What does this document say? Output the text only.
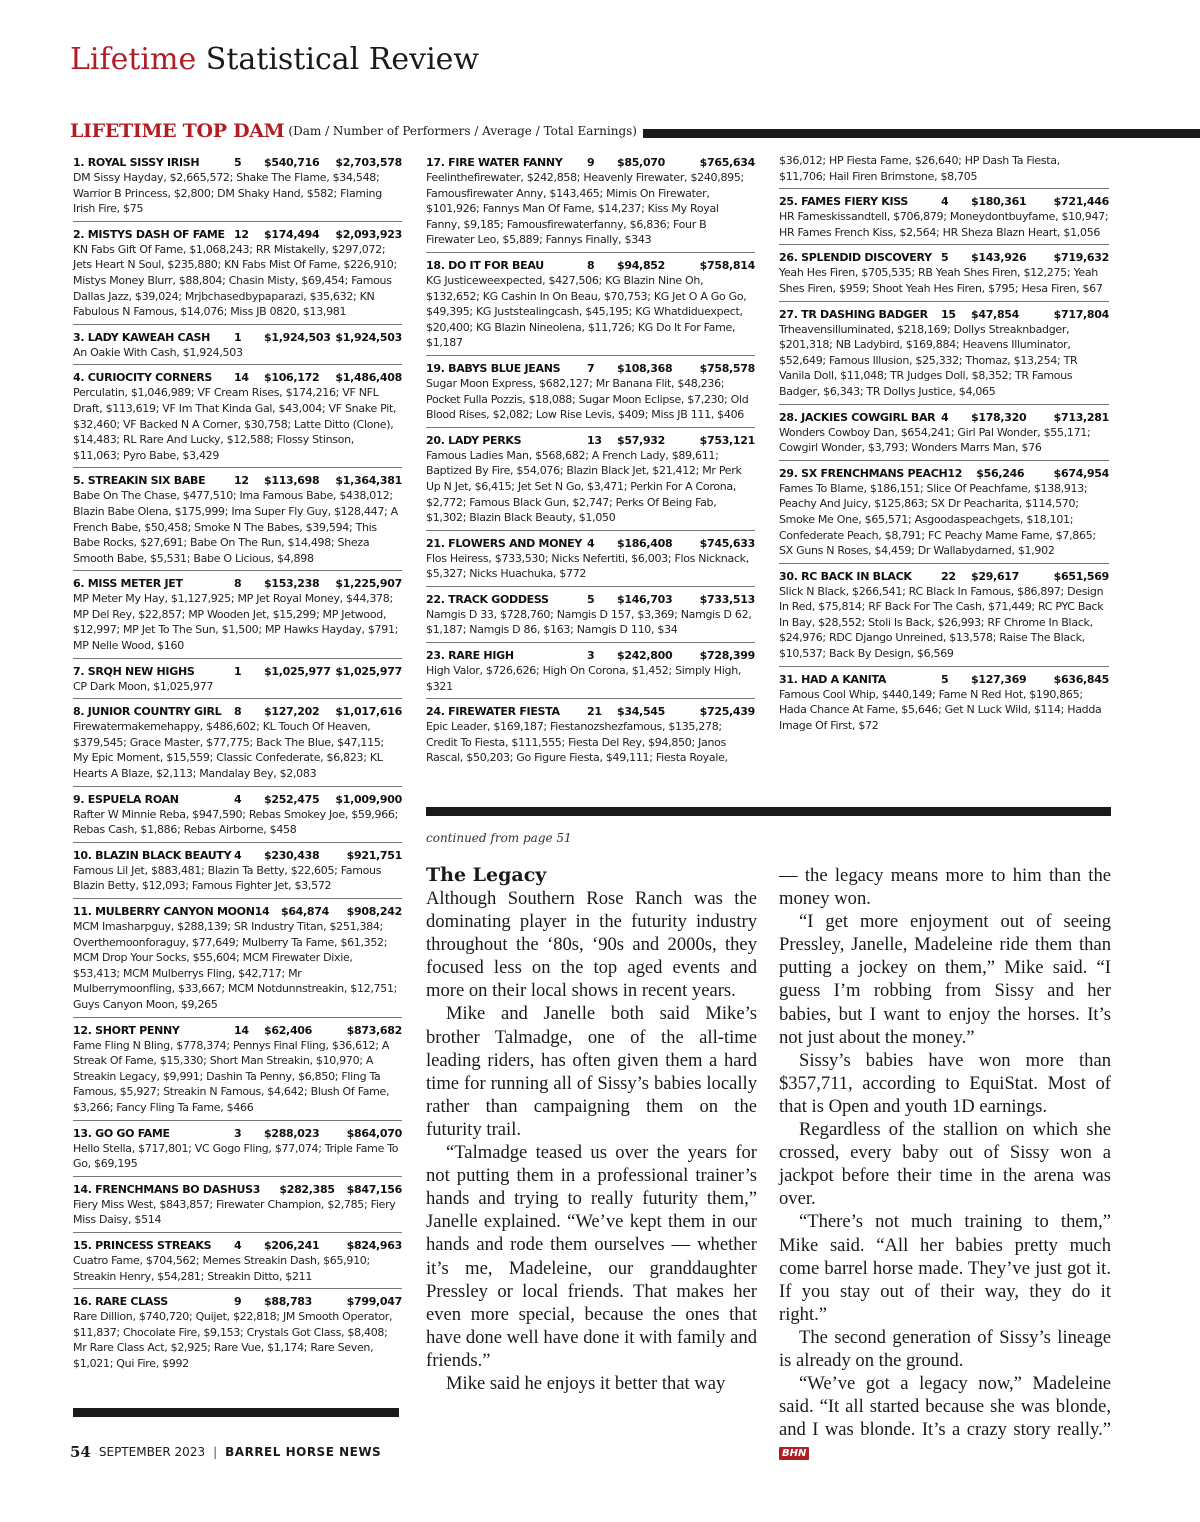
Lifetime Statistical Review
LIFETIME TOP DAM (Dam / Number of Performers / Average / Total Earnings)
1. ROYAL SISSY IRISH	5	$540,716	$2,703,578
DM Sissy Hayday, $2,665,572; Shake The Flame, $34,548; Warrior B Princess, $2,800; DM Shaky Hand, $582; Flaming Irish Fire, $75
2. MISTYS DASH OF FAME 12	$174,494	$2,093,923
KN Fabs Gift Of Fame, $1,068,243; RR Mistakelly, $297,072; Jets Heart N Soul, $235,880; KN Fabs Mist Of Fame, $226,910; Mistys Money Blurr, $88,804; Chasin Misty, $69,454; Famous Dallas Jazz, $39,024; Mrjbchasedbypaparazi, $35,632; KN Fabulous N Famous, $14,076; Miss JB 0820, $13,981
3. LADY KAWEAH CASH	1	$1,924,503 $1,924,503
An Oakie With Cash, $1,924,503
4. CURIOCITY CORNERS	14	$106,172	$1,486,408
Perculatin, $1,046,989; VF Cream Rises, $174,216; VF NFL Draft, $113,619; VF Im That Kinda Gal, $43,004; VF Snake Pit, $32,460; VF Backed N A Corner, $30,758; Latte Ditto (Clone), $14,483; RL Rare And Lucky, $12,588; Flossy Stinson, $11,063; Pyro Babe, $3,429
5. STREAKIN SIX BABE	12	$113,698	$1,364,381
Babe On The Chase, $477,510; Ima Famous Babe, $438,012; Blazin Babe Olena, $175,999; Ima Super Fly Guy, $128,447; A French Babe, $50,458; Smoke N The Babes, $39,594; This Babe Rocks, $27,691; Babe On The Run, $14,498; Sheza Smooth Babe, $5,531; Babe O Licious, $4,898
6. MISS METER JET	8	$153,238	$1,225,907
MP Meter My Hay, $1,127,925; MP Jet Royal Money, $44,378; MP Del Rey, $22,857; MP Wooden Jet, $15,299; MP Jetwood, $12,997; MP Jet To The Sun, $1,500; MP Hawks Hayday, $791; MP Nelle Wood, $160
7. SRQH NEW HIGHS	1	$1,025,977 $1,025,977
CP Dark Moon, $1,025,977
8. JUNIOR COUNTRY GIRL	8	$127,202	$1,017,616
Firewatermakemehappy, $486,602; KL Touch Of Heaven, $379,545; Grace Master, $77,775; Back The Blue, $47,115; My Epic Moment, $15,559; Classic Confederate, $6,823; KL Hearts A Blaze, $2,113; Mandalay Bey, $2,083
9. ESPUELA ROAN	4	$252,475	$1,009,900
Rafter W Minnie Reba, $947,590; Rebas Smokey Joe, $59,966; Rebas Cash, $1,886; Rebas Airborne, $458
10. BLAZIN BLACK BEAUTY 4	$230,438	$921,751
Famous Lil Jet, $883,481; Blazin Ta Betty, $22,605; Famous Blazin Betty, $12,093; Famous Fighter Jet, $3,572
11. MULBERRY CANYON MOON 14	$64,874	$908,242
MCM Imasharpguy, $288,139; SR Industry Titan, $251,384; Overthemoonforaguy, $77,649; Mulberry Ta Fame, $61,352; MCM Drop Your Socks, $55,604; MCM Firewater Dixie, $53,413; MCM Mulberrys Fling, $42,717; Mr Mulberrymoonfling, $33,667; MCM Notdunnstreakin, $12,751; Guys Canyon Moon, $9,265
12. SHORT PENNY	14	$62,406	$873,682
Fame Fling N Bling, $778,374; Pennys Final Fling, $36,612; A Streak Of Fame, $15,330; Short Man Streakin, $10,970; A Streakin Legacy, $9,991; Dashin Ta Penny, $6,850; Fling Ta Famous, $5,927; Streakin N Famous, $4,642; Blush Of Fame, $3,266; Fancy Fling Ta Fame, $466
13. GO GO FAME	3	$288,023	$864,070
Hello Stella, $717,801; VC Gogo Fling, $77,074; Triple Fame To Go, $69,195
14. FRENCHMANS BO DASHUS 3	$282,385	$847,156
Fiery Miss West, $843,857; Firewater Champion, $2,785; Fiery Miss Daisy, $514
15. PRINCESS STREAKS	4	$206,241	$824,963
Cuatro Fame, $704,562; Memes Streakin Dash, $65,910; Streakin Henry, $54,281; Streakin Ditto, $211
16. RARE CLASS	9	$88,783	$799,047
Rare Dillion, $740,720; Quijet, $22,818; JM Smooth Operator, $11,837; Chocolate Fire, $9,153; Crystals Got Class, $8,408; Mr Rare Class Act, $2,925; Rare Vue, $1,174; Rare Seven, $1,021; Qui Fire, $992
17. FIRE WATER FANNY	9	$85,070	$765,634
Feelinthefirewater, $242,858; Heavenly Firewater, $240,895; Famousfirewater Anny, $143,465; Mimis On Firewater, $101,926; Fannys Man Of Fame, $14,237; Kiss My Royal Fanny, $9,185; Famousfirewaterfanny, $6,836; Four B Firewater Leo, $5,889; Fannys Finally, $343
18. DO IT FOR BEAU	8	$94,852	$758,814
KG Justiceweexpected, $427,506; KG Blazin Nine Oh, $132,652; KG Cashin In On Beau, $70,753; KG Jet O A Go Go, $49,395; KG Juststealingcash, $45,195; KG Whatdiduexpect, $20,400; KG Blazin Nineolena, $11,726; KG Do It For Fame, $1,187
19. BABYS BLUE JEANS	7	$108,368	$758,578
Sugar Moon Express, $682,127; Mr Banana Flit, $48,236; Pocket Fulla Pozzis, $18,088; Sugar Moon Eclipse, $7,230; Old Blood Rises, $2,082; Low Rise Levis, $409; Miss JB 111, $406
20. LADY PERKS	13	$57,932	$753,121
Famous Ladies Man, $568,682; A French Lady, $89,611; Baptized By Fire, $54,076; Blazin Black Jet, $21,412; Mr Perk Up N Jet, $6,415; Jet Set N Go, $3,471; Perkin For A Corona, $2,772; Famous Black Gun, $2,747; Perks Of Being Fab, $1,302; Blazin Black Beauty, $1,050
21. FLOWERS AND MONEY 4	$186,408	$745,633
Flos Heiress, $733,530; Nicks Nefertiti, $6,003; Flos Nicknack, $5,327; Nicks Huachuka, $772
22. TRACK GODDESS	5	$146,703	$733,513
Namgis D 33, $728,760; Namgis D 157, $3,369; Namgis D 62, $1,187; Namgis D 86, $163; Namgis D 110, $34
23. RARE HIGH	3	$242,800	$728,399
High Valor, $726,626; High On Corona, $1,452; Simply High, $321
24. FIREWATER FIESTA	21	$34,545	$725,439
Epic Leader, $169,187; Fiestanozshezfamous, $135,278; Credit To Fiesta, $111,555; Fiesta Del Rey, $94,850; Janos Rascal, $50,203; Go Figure Fiesta, $49,111; Fiesta Royale,
$36,012; HP Fiesta Fame, $26,640; HP Dash Ta Fiesta, $11,706; Hail Firen Brimstone, $8,705
25. FAMES FIERY KISS	4	$180,361	$721,446
HR Fameskissandtell, $706,879; Moneydontbuyfame, $10,947; HR Fames French Kiss, $2,564; HR Sheza Blazn Heart, $1,056
26. SPLENDID DISCOVERY 5	$143,926	$719,632
Yeah Hes Firen, $705,535; RB Yeah Shes Firen, $12,275; Yeah Shes Firen, $959; Shoot Yeah Hes Firen, $795; Hesa Firen, $67
27. TR DASHING BADGER	15	$47,854	$717,804
Trheavensilluminated, $218,169; Dollys Streaknbadger, $201,318; NB Ladybird, $169,884; Heavens Illuminator, $52,649; Famous Illusion, $25,332; Thomaz, $13,254; TR Vanila Doll, $11,048; TR Judges Doll, $8,352; TR Famous Badger, $6,343; TR Dollys Justice, $4,065
28. JACKIES COWGIRL BAR 4	$178,320	$713,281
Wonders Cowboy Dan, $654,241; Girl Pal Wonder, $55,171; Cowgirl Wonder, $3,793; Wonders Marrs Man, $76
29. SX FRENCHMANS PEACH 12	$56,246	$674,954
Fames To Blame, $186,151; Slice Of Peachfame, $138,913; Peachy And Juicy, $125,863; SX Dr Peacharita, $114,570; Smoke Me One, $65,571; Asgoodaspeachgets, $18,101; Confederate Peach, $8,791; FC Peachy Mame Fame, $7,865; SX Guns N Roses, $4,459; Dr Wallabydarned, $1,902
30. RC BACK IN BLACK	22	$29,617	$651,569
Slick N Black, $266,541; RC Black In Famous, $86,897; Design In Red, $75,814; RF Back For The Cash, $71,449; RC PYC Back In Bay, $28,552; Stoli Is Back, $26,993; RF Chrome In Black, $24,976; RDC Django Unreined, $13,578; Raise The Black, $10,537; Back By Design, $6,569
31. HAD A KANITA	5	$127,369	$636,845
Famous Cool Whip, $440,149; Fame N Red Hot, $190,865; Hada Chance At Fame, $5,646; Get N Luck Wild, $114; Hadda Image Of First, $72
continued from page 51
The Legacy

Although Southern Rose Ranch was the dominating player in the futurity industry throughout the ‘80s, ‘90s and 2000s, they focused less on the top aged events and more on their local shows in recent years.

Mike and Janelle both said Mike’s brother Talmadge, one of the all-time leading riders, has often given them a hard time for running all of Sissy’s babies locally rather than campaigning them on the futurity trail.

“Talmadge teased us over the years for not putting them in a professional trainer’s hands and trying to really futurity them,” Janelle explained. “We’ve kept them in our hands and rode them ourselves — whether it’s me, Madeleine, our granddaughter Pressley or local friends. That makes her even more special, because the ones that have done well have done it with family and friends.”

Mike said he enjoys it better that way

— the legacy means more to him than the money won.

“I get more enjoyment out of seeing Pressley, Janelle, Madeleine ride them than putting a jockey on them,” Mike said. “I guess I’m robbing from Sissy and her babies, but I want to enjoy the horses. It’s not just about the money.”

Sissy’s babies have won more than $357,711, according to EquiStat. Most of that is Open and youth 1D earnings.

Regardless of the stallion on which she crossed, every baby out of Sissy won a jackpot before their time in the arena was over.

“There’s not much training to them,” Mike said. “All her babies pretty much come barrel horse made. They’ve just got it. If you stay out of their way, they do it right.”

The second generation of Sissy’s lineage is already on the ground.

“We’ve got a legacy now,” Madeleine said. “It all started because she was blonde, and I was blonde. It’s a crazy story really.” BHN

54 SEPTEMBER 2023 | BARREL HORSE NEWS
